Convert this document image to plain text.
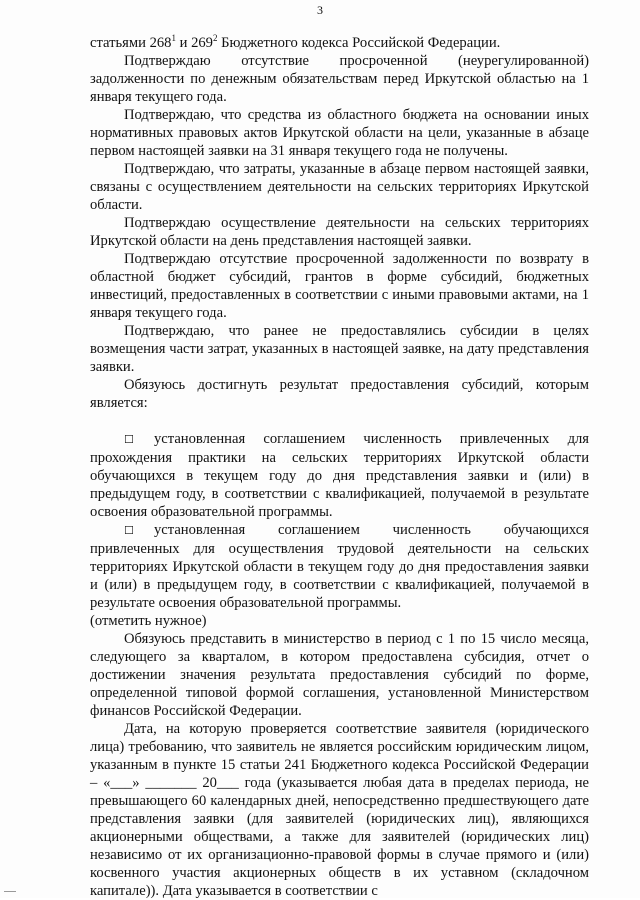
3

статьями $268^1$ и $269^2$ Бюджетного кодекса Российской Федерации.

Подтверждаю отсутствие просроченной (неурегулированной) задолженности по денежным обязательствам перед Иркутской областью на 1 января текущего года.

Подтверждаю, что средства из областного бюджета на основании иных нормативных правовых актов Иркутской области на цели, указанные в абзаце первом настоящей заявки на 31 января текущего года не получены.

Подтверждаю, что затраты, указанные в абзаце первом настоящей заявки, связаны с осуществлением деятельности на сельских территориях Иркутской области.

Подтверждаю осуществление деятельности на сельских территориях Иркутской области на день представления настоящей заявки.

Подтверждаю отсутствие просроченной задолженности по возврату в областной бюджет субсидий, грантов в форме субсидий, бюджетных инвестиций, предоставленных в соответствии с иными правовыми актами, на 1 января текущего года.

Подтверждаю, что ранее не предоставлялись субсидии в целях возмещения части затрат, указанных в настоящей заявке, на дату представления заявки.

Обязуюсь достигнуть результат предоставления субсидий, которым является:

☐ установленная соглашением численность привлеченных для прохождения практики на сельских территориях Иркутской области обучающихся в текущем году до дня представления заявки и (или) в предыдущем году, в соответствии с квалификацией, получаемой в результате освоения образовательной программы.

☐ установленная соглашением численность обучающихся привлеченных для осуществления трудовой деятельности на сельских территориях Иркутской области в текущем году до дня предоставления заявки и (или) в предыдущем году, в соответствии с квалификацией, получаемой в результате освоения образовательной программы.

(отметить нужное)

Обязуюсь представить в министерство в период с 1 по 15 число месяца, следующего за кварталом, в котором предоставлена субсидия, отчет о достижении значения результата предоставления субсидий по форме, определенной типовой формой соглашения, установленной Министерством финансов Российской Федерации.

Дата, на которую проверяется соответствие заявителя (юридического лица) требованию, что заявитель не является российским юридическим лицом, указанным в пункте 15 статьи 241 Бюджетного кодекса Российской Федерации – «___» _______ 20___ года (указывается любая дата в пределах периода, не превышающего 60 календарных дней, непосредственно предшествующего дате представления заявки (для заявителей (юридических лиц), являющихся акционерными обществами, а также для заявителей (юридических лиц) независимо от их организационно-правовой формы в случае прямого и (или) косвенного участия акционерных обществ в их уставном (складочном капитале)). Дата указывается в соответствии с
